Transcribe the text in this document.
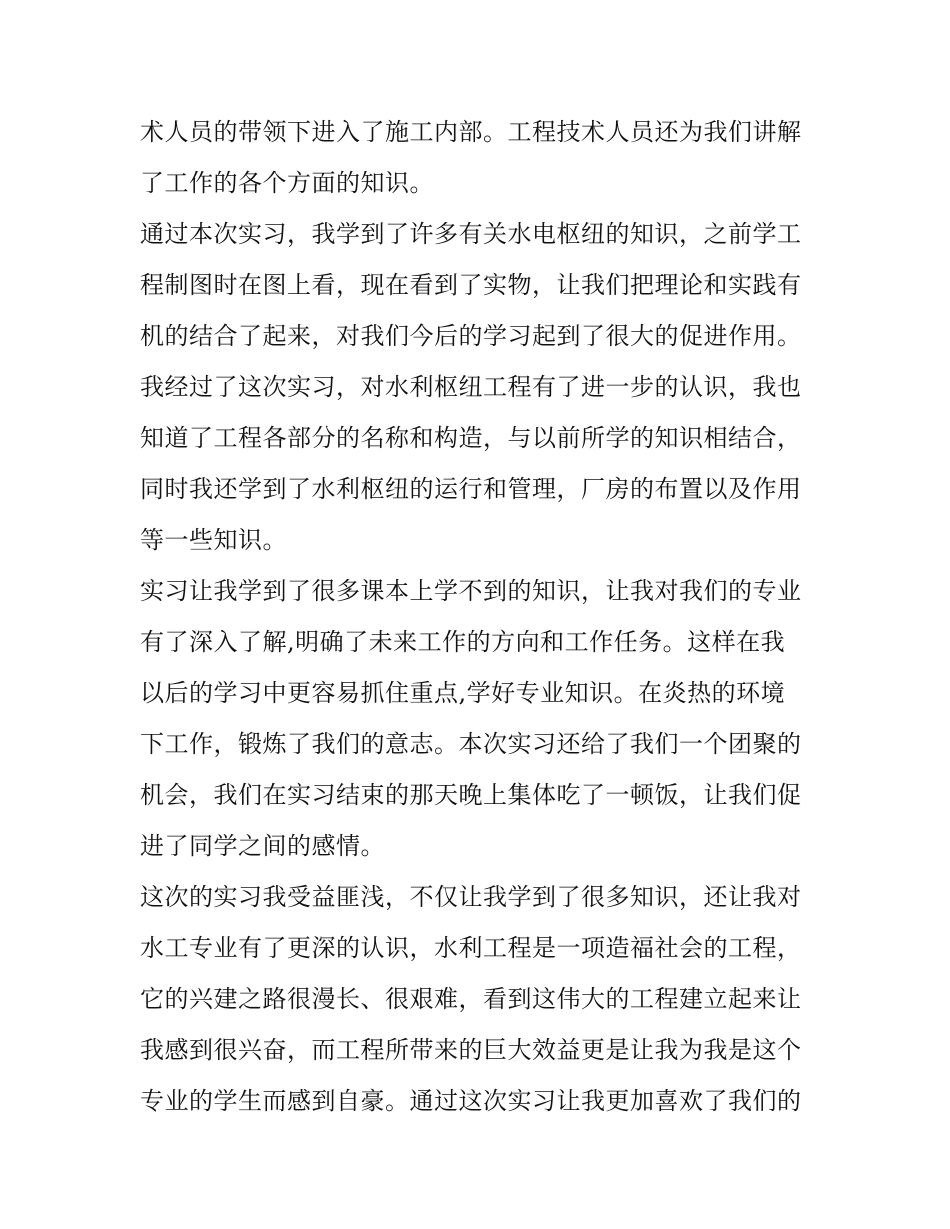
术人员的带领下进入了施工内部。工程技术人员还为我们讲解
了工作的各个方面的知识。
通过本次实习，我学到了许多有关水电枢纽的知识，之前学工
程制图时在图上看，现在看到了实物，让我们把理论和实践有
机的结合了起来，对我们今后的学习起到了很大的促进作用。
我经过了这次实习，对水利枢纽工程有了进一步的认识，我也
知道了工程各部分的名称和构造，与以前所学的知识相结合，
同时我还学到了水利枢纽的运行和管理，厂房的布置以及作用
等一些知识。
实习让我学到了很多课本上学不到的知识，让我对我们的专业
有了深入了解,明确了未来工作的方向和工作任务。这样在我
以后的学习中更容易抓住重点,学好专业知识。在炎热的环境
下工作，锻炼了我们的意志。本次实习还给了我们一个团聚的
机会，我们在实习结束的那天晚上集体吃了一顿饭，让我们促
进了同学之间的感情。
这次的实习我受益匪浅，不仅让我学到了很多知识，还让我对
水工专业有了更深的认识，水利工程是一项造福社会的工程，
它的兴建之路很漫长、很艰难，看到这伟大的工程建立起来让
我感到很兴奋，而工程所带来的巨大效益更是让我为我是这个
专业的学生而感到自豪。通过这次实习让我更加喜欢了我们的
